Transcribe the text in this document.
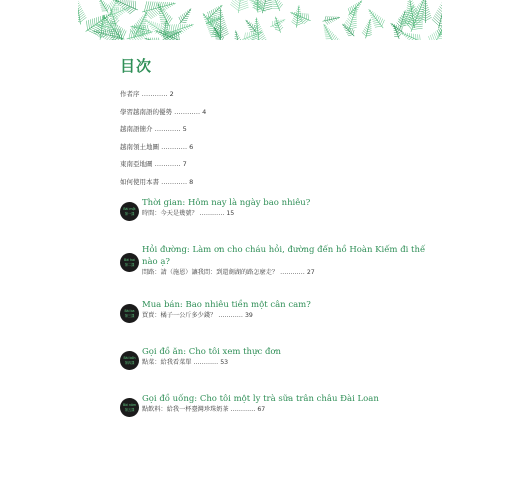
目次
作者序 ………… 2
學習越南語的優勢 ………… 4
越南語簡介 ………… 5
越南領土地圖 ………… 6
東南亞地圖 ………… 7
如何使用本書 ………… 8
Bài một
第一課
Thời gian: Hôm nay là ngày bao nhiêu?
時間：今天是幾號？ ………… 15
Bài hai
第二課
Hỏi đường: Làm ơn cho cháu hỏi, đường đến hồ Hoàn Kiếm đi thế nào ạ?
問路：請（施恩）讓我問：到還劍湖的路怎麼走？ ………… 27
Bài ba
第三課
Mua bán: Bao nhiêu tiền một cân cam?
買賣：橘子一公斤多少錢？ ………… 39
Bài bốn
第四課
Gọi đồ ăn: Cho tôi xem thực đơn
點菜：給我看菜單 ………… 53
Bài năm
第五課
Gọi đồ uống: Cho tôi một ly trà sữa trân châu Đài Loan
點飲料：給我一杯臺灣珍珠奶茶 ………… 67
